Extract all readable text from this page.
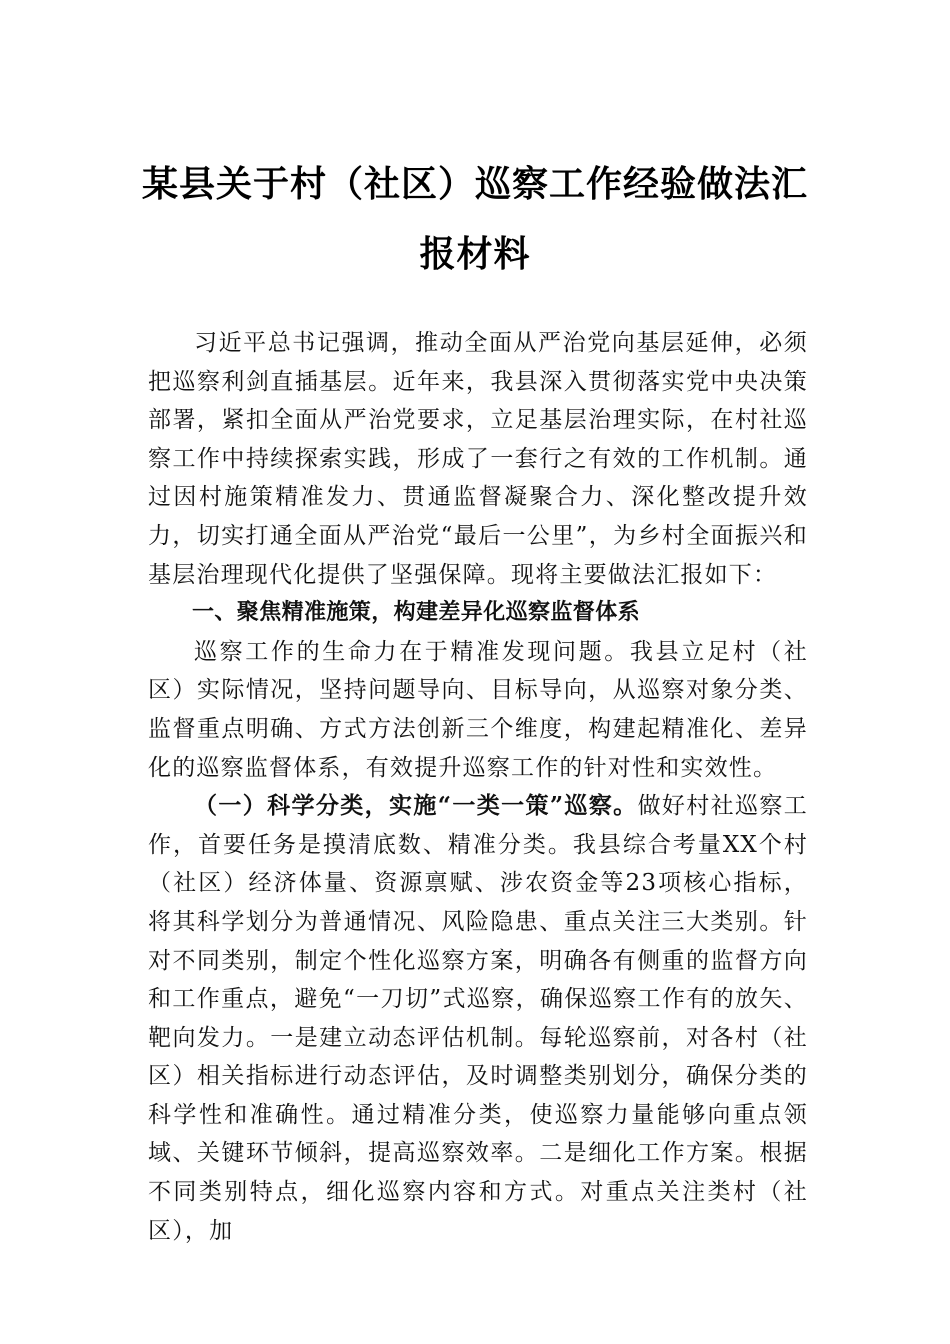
某县关于村（社区）巡察工作经验做法汇报材料

习近平总书记强调，推动全面从严治党向基层延伸，必须把巡察利剑直插基层。近年来，我县深入贯彻落实党中央决策部署，紧扣全面从严治党要求，立足基层治理实际，在村社巡察工作中持续探索实践，形成了一套行之有效的工作机制。通过因村施策精准发力、贯通监督凝聚合力、深化整改提升效力，切实打通全面从严治党“最后一公里”，为乡村全面振兴和基层治理现代化提供了坚强保障。现将主要做法汇报如下：

一、聚焦精准施策，构建差异化巡察监督体系

巡察工作的生命力在于精准发现问题。我县立足村（社区）实际情况，坚持问题导向、目标导向，从巡察对象分类、监督重点明确、方式方法创新三个维度，构建起精准化、差异化的巡察监督体系，有效提升巡察工作的针对性和实效性。

（一）科学分类，实施“一类一策”巡察。做好村社巡察工作，首要任务是摸清底数、精准分类。我县综合考量XX个村（社区）经济体量、资源禀赋、涉农资金等23项核心指标，将其科学划分为普通情况、风险隐患、重点关注三大类别。针对不同类别，制定个性化巡察方案，明确各有侧重的监督方向和工作重点，避免“一刀切”式巡察，确保巡察工作有的放矢、靶向发力。一是建立动态评估机制。每轮巡察前，对各村（社区）相关指标进行动态评估，及时调整类别划分，确保分类的科学性和准确性。通过精准分类，使巡察力量能够向重点领域、关键环节倾斜，提高巡察效率。二是细化工作方案。根据不同类别特点，细化巡察内容和方式。对重点关注类村（社区），加
